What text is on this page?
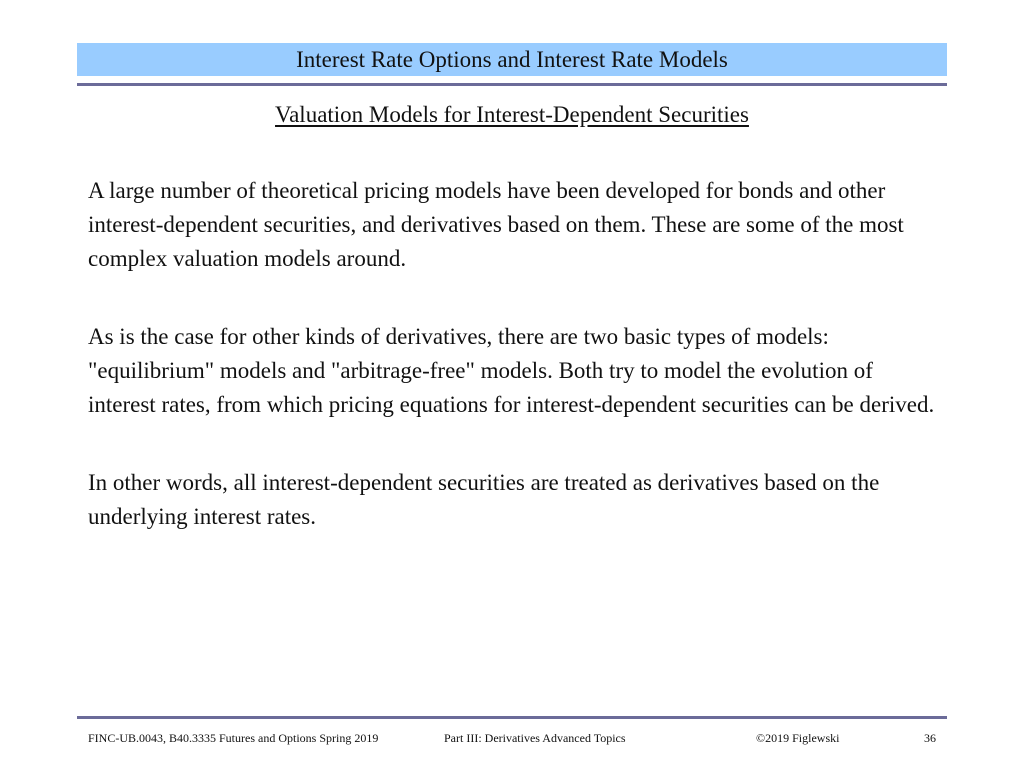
Interest Rate Options and Interest Rate Models
Valuation Models for Interest-Dependent Securities

A large number of theoretical pricing models have been developed for bonds and other interest-dependent securities, and derivatives based on them. These are some of the most complex valuation models around.

As is the case for other kinds of derivatives, there are two basic types of models: "equilibrium" models and "arbitrage-free" models. Both try to model the evolution of interest rates, from which pricing equations for interest-dependent securities can be derived.

In other words, all interest-dependent securities are treated as derivatives based on the underlying interest rates.

FINC-UB.0043, B40.3335 Futures and Options Spring 2019	Part III: Derivatives Advanced Topics	©2019 Figlewski	36
